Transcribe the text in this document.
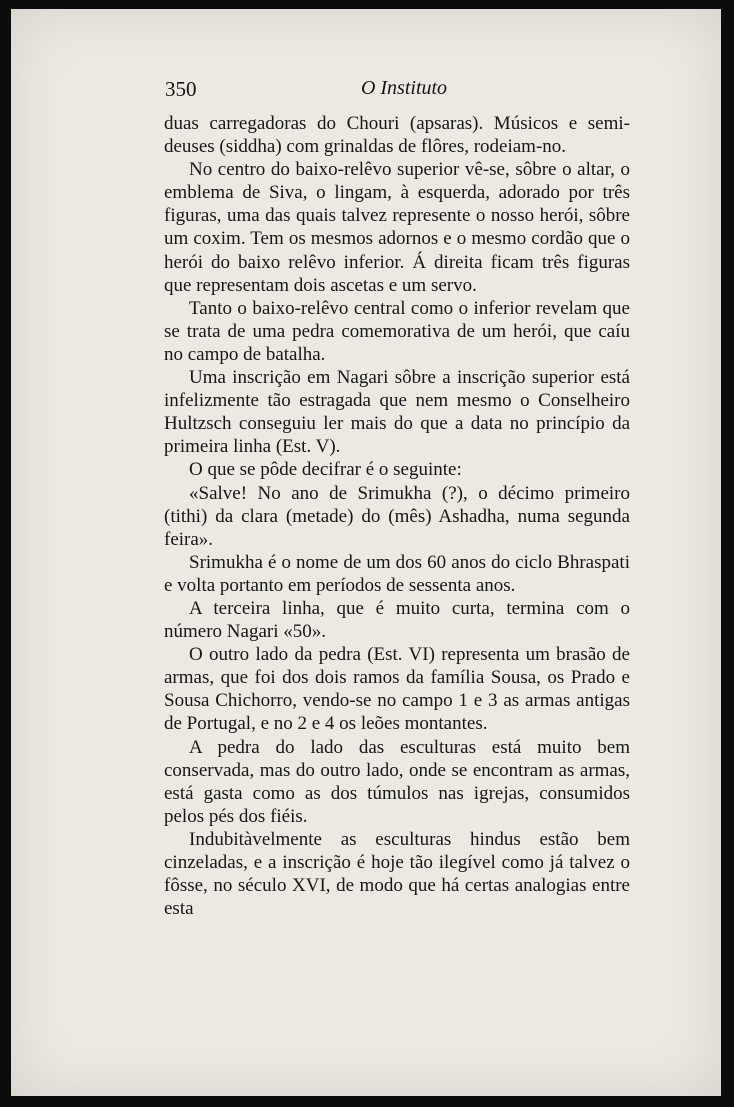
350	O Instituto

duas carregadoras do Chouri (apsaras). Músicos e semi-deuses (siddha) com grinaldas de flôres, rodeiam-no.

No centro do baixo-relêvo superior vê-se, sôbre o altar, o emblema de Siva, o lingam, à esquerda, adorado por três figuras, uma das quais talvez represente o nosso herói, sôbre um coxim. Tem os mesmos adornos e o mesmo cordão que o herói do baixo relêvo inferior. Á direita ficam três figuras que representam dois ascetas e um servo.

Tanto o baixo-relêvo central como o inferior revelam que se trata de uma pedra comemorativa de um herói, que caíu no campo de batalha.

Uma inscrição em Nagari sôbre a inscrição superior está infelizmente tão estragada que nem mesmo o Conselheiro Hultzsch conseguiu ler mais do que a data no princípio da primeira linha (Est. V).

O que se pôde decifrar é o seguinte:

«Salve! No ano de Srimukha (?), o décimo primeiro (tithi) da clara (metade) do (mês) Ashadha, numa segunda feira».

Srimukha é o nome de um dos 60 anos do ciclo Bhraspati e volta portanto em períodos de sessenta anos.

A terceira linha, que é muito curta, termina com o número Nagari «50».

O outro lado da pedra (Est. VI) representa um brasão de armas, que foi dos dois ramos da família Sousa, os Prado e Sousa Chichorro, vendo-se no campo 1 e 3 as armas antigas de Portugal, e no 2 e 4 os leões montantes.

A pedra do lado das esculturas está muito bem conservada, mas do outro lado, onde se encontram as armas, está gasta como as dos túmulos nas igrejas, consumidos pelos pés dos fiéis.

Indubitàvelmente as esculturas hindus estão bem cinzeladas, e a inscrição é hoje tão ilegível como já talvez o fôsse, no século XVI, de modo que há certas analogias entre esta
